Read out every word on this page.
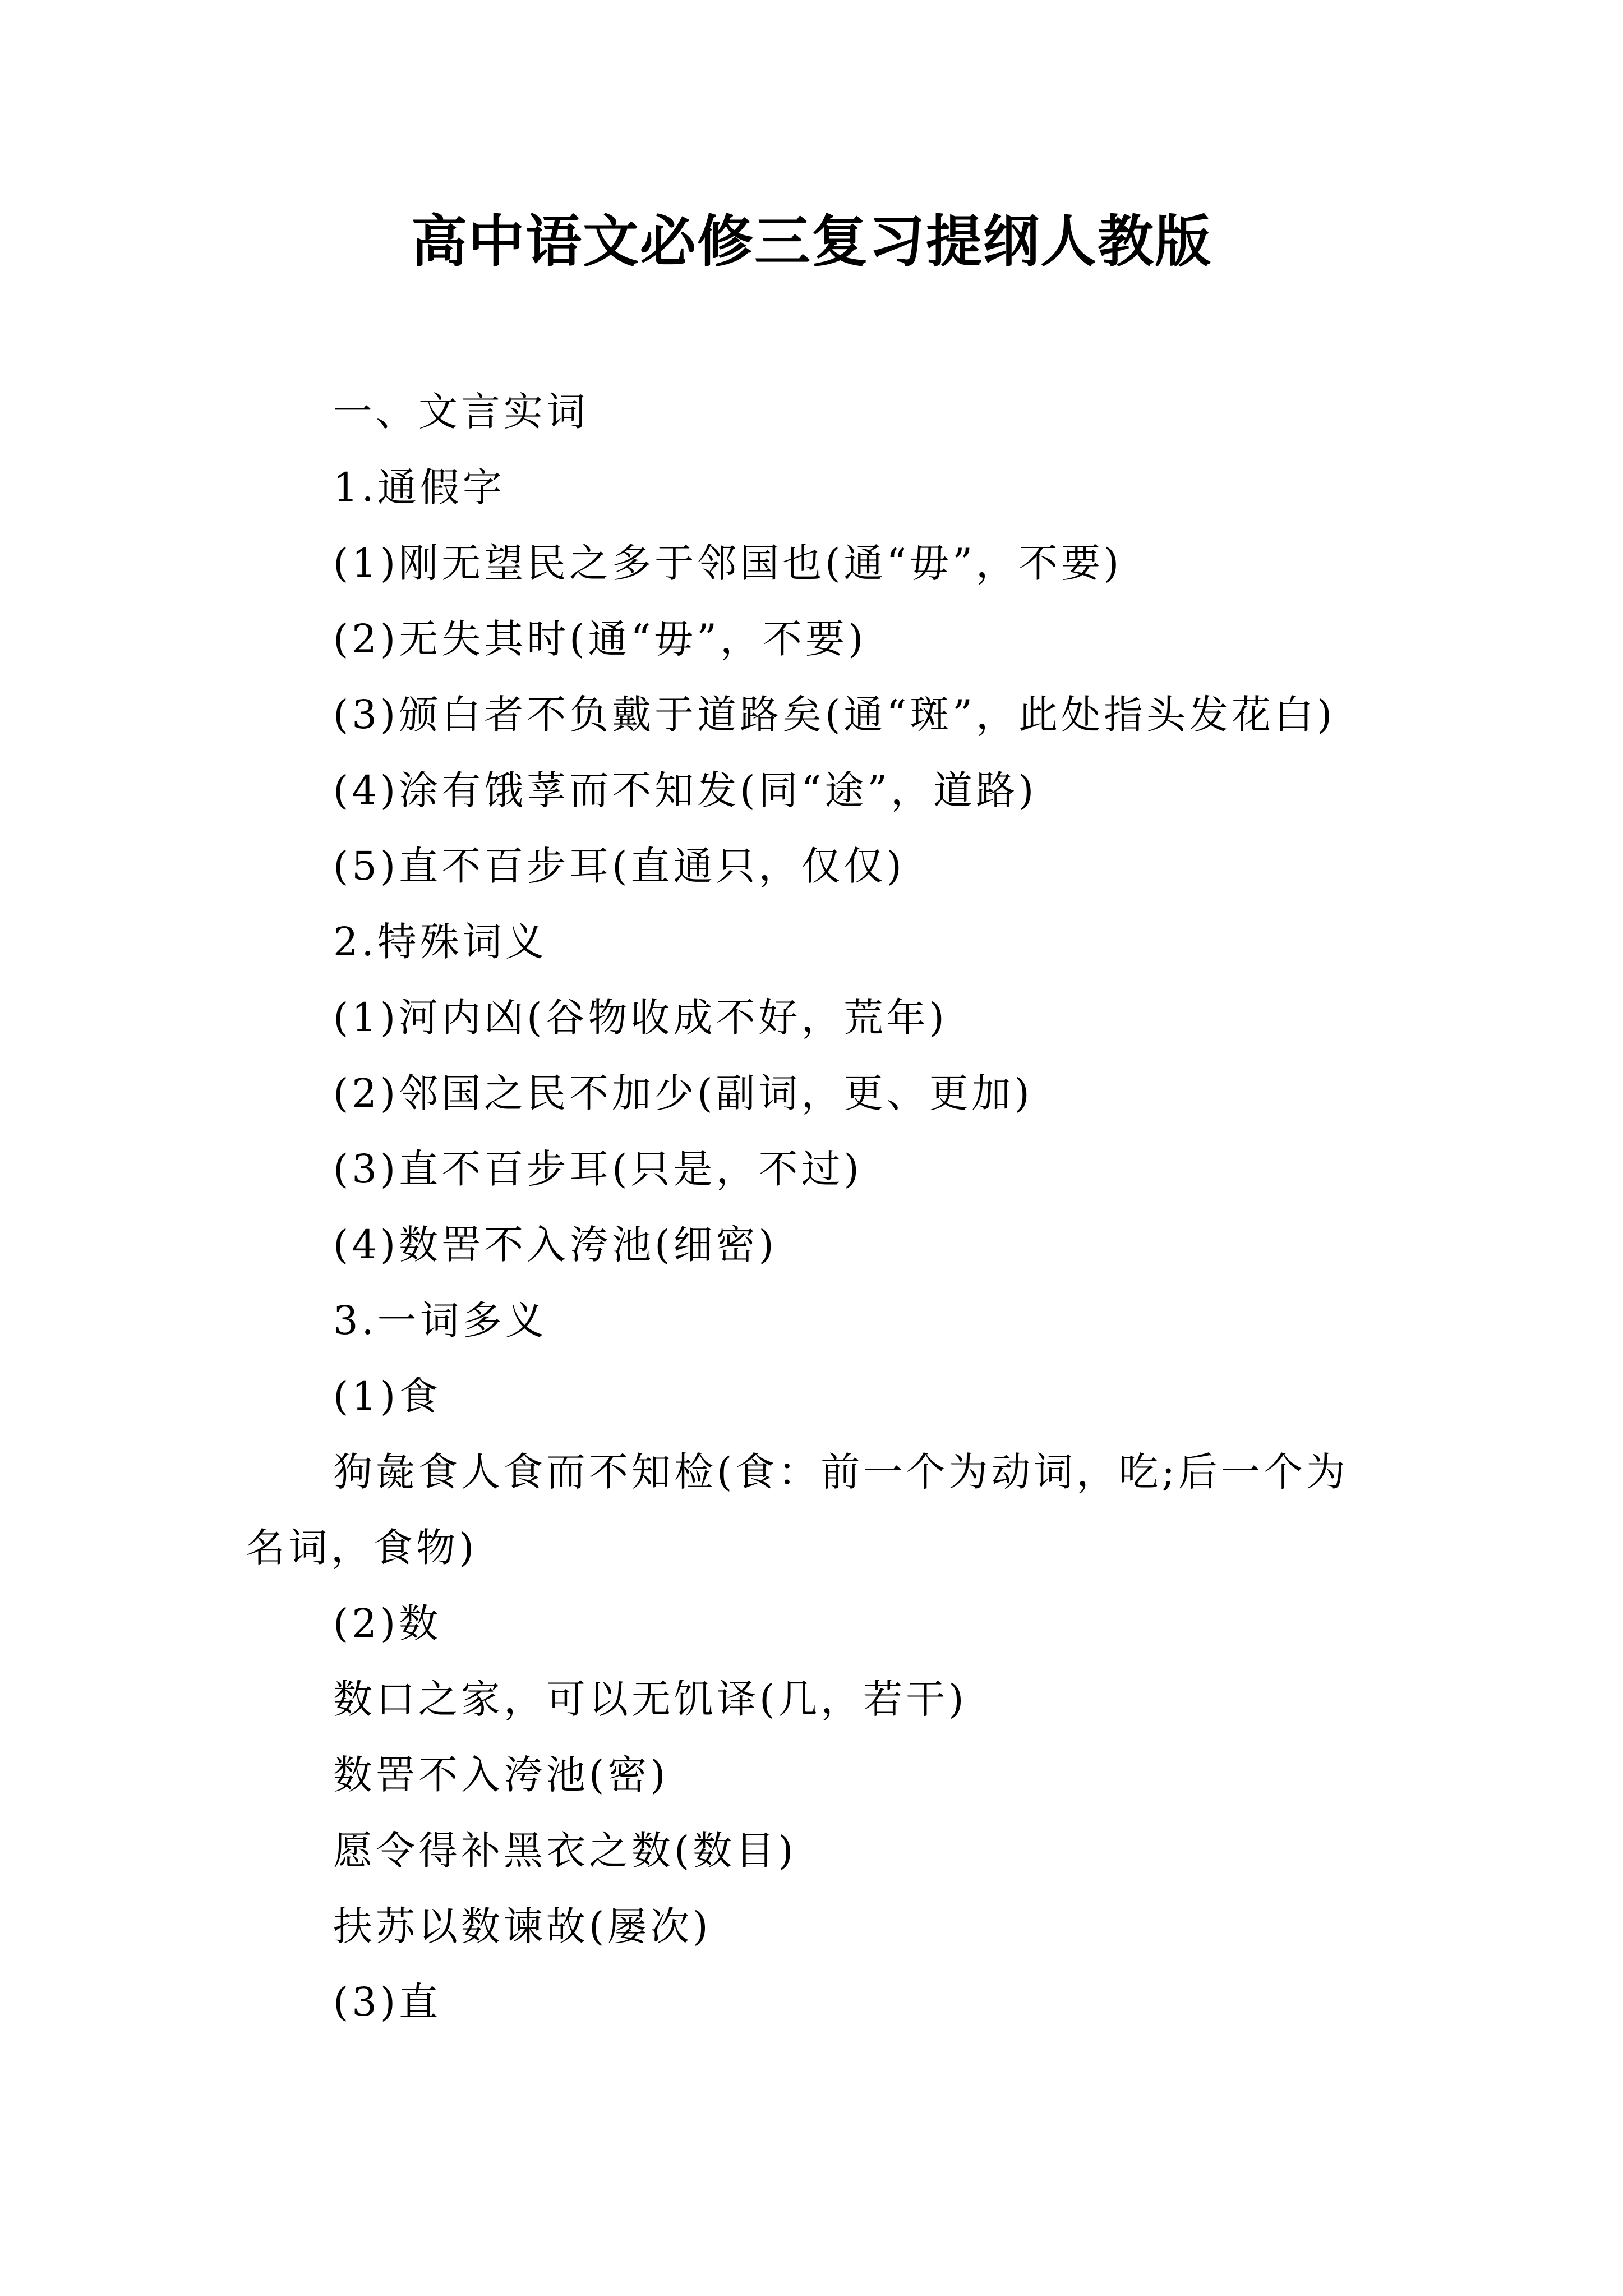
高中语文必修三复习提纲人教版
一、文言实词
1.通假字
(1)刚无望民之多于邻国也(通“毋”，不要)
(2)无失其时(通“毋”，不要)
(3)颁白者不负戴于道路矣(通“斑”，此处指头发花白)
(4)涂有饿莩而不知发(同“途”，道路)
(5)直不百步耳(直通只，仅仅)
2.特殊词义
(1)河内凶(谷物收成不好，荒年)
(2)邻国之民不加少(副词，更、更加)
(3)直不百步耳(只是，不过)
(4)数罟不入洿池(细密)
3.一词多义
(1)食
狗彘食人食而不知检(食：前一个为动词，吃;后一个为
名词，食物)
(2)数
数口之家，可以无饥译(几，若干)
数罟不入洿池(密)
愿令得补黑衣之数(数目)
扶苏以数谏故(屡次)
(3)直
